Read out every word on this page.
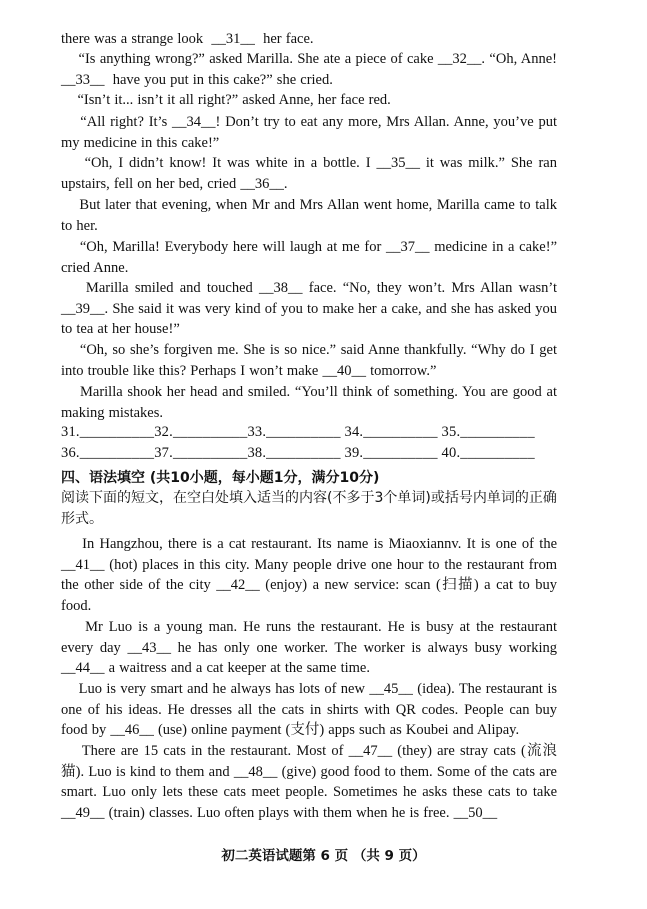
there was a strange look  __31__  her face.
“Is anything wrong?” asked Marilla. She ate a piece of cake __32__. “Oh, Anne!  __33__  have you put in this cake?” she cried.
“Isn’t it... isn’t it all right?” asked Anne, her face red.
“All right? It’s __34__! Don’t try to eat any more, Mrs Allan. Anne, you’ve put my medicine in this cake!”
“Oh, I didn’t know! It was white in a bottle. I __35__ it was milk.” She ran upstairs, fell on her bed, cried __36__.
But later that evening, when Mr and Mrs Allan went home, Marilla came to talk to her.
“Oh, Marilla! Everybody here will laugh at me for __37__ medicine in a cake!” cried Anne.
Marilla smiled and touched __38__ face. “No, they won’t. Mrs Allan wasn’t __39__. She said it was very kind of you to make her a cake, and she has asked you to tea at her house!”
“Oh, so she’s forgiven me. She is so nice.” said Anne thankfully. “Why do I get into trouble like this? Perhaps I won’t make __40__ tomorrow.”
Marilla shook her head and smiled. “You’ll think of something. You are good at making mistakes.
31.__________32.__________33.__________ 34.__________ 35.__________
36.__________37.__________38.__________ 39.__________ 40.__________
四、语法填空 (共10小题，每小题1分，满分10分)
阅读下面的短文，在空白处填入适当的内容(不多于3个单词)或括号内单词的正确形式。
In Hangzhou, there is a cat restaurant. Its name is Miaoxiannv. It is one of the __41__ (hot) places in this city. Many people drive one hour to the restaurant from the other side of the city __42__ (enjoy) a new service: scan (扫描) a cat to buy food.
Mr Luo is a young man. He runs the restaurant. He is busy at the restaurant every day __43__ he has only one worker. The worker is always busy working __44__ a waitress and a cat keeper at the same time.
Luo is very smart and he always has lots of new __45__ (idea). The restaurant is one of his ideas. He dresses all the cats in shirts with QR codes. People can buy food by __46__ (use) online payment (支付) apps such as Koubei and Alipay.
There are 15 cats in the restaurant. Most of __47__ (they) are stray cats (流浪猫). Luo is kind to them and __48__ (give) good food to them. Some of the cats are smart. Luo only lets these cats meet people. Sometimes he asks these cats to take __49__ (train) classes. Luo often plays with them when he is free. __50__
初二英语试题第 6 页 （共 9 页）
